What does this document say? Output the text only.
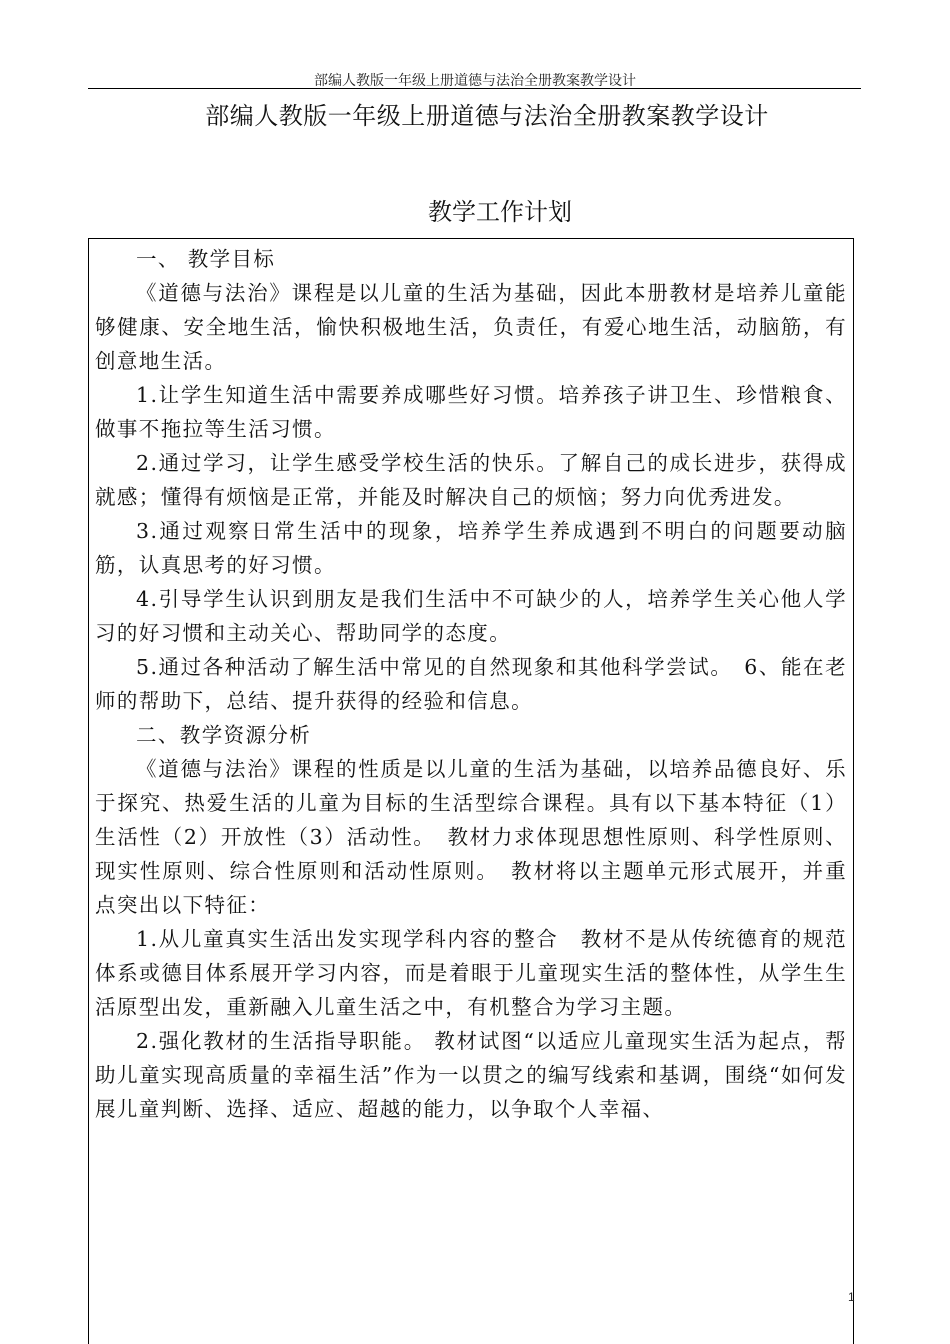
部编人教版一年级上册道德与法治全册教案教学设计
部编人教版一年级上册道德与法治全册教案教学设计
教学工作计划

一、 教学目标

《道德与法治》课程是以儿童的生活为基础，因此本册教材是培养儿童能够健康、安全地生活，愉快积极地生活，负责任，有爱心地生活，动脑筋，有创意地生活。

1.让学生知道生活中需要养成哪些好习惯。培养孩子讲卫生、珍惜粮食、做事不拖拉等生活习惯。

2.通过学习，让学生感受学校生活的快乐。了解自己的成长进步，获得成就感；懂得有烦恼是正常，并能及时解决自己的烦恼；努力向优秀进发。

3.通过观察日常生活中的现象，培养学生养成遇到不明白的问题要动脑筋，认真思考的好习惯。

4.引导学生认识到朋友是我们生活中不可缺少的人，培养学生关心他人学习的好习惯和主动关心、帮助同学的态度。

5.通过各种活动了解生活中常见的自然现象和其他科学尝试。　6、能在老师的帮助下，总结、提升获得的经验和信息。

二、教学资源分析

《道德与法治》课程的性质是以儿童的生活为基础，以培养品德良好、乐于探究、热爱生活的儿童为目标的生活型综合课程。具有以下基本特征（1）生活性（2）开放性（3）活动性。　教材力求体现思想性原则、科学性原则、现实性原则、综合性原则和活动性原则。　教材将以主题单元形式展开，并重点突出以下特征：

1.从儿童真实生活出发实现学科内容的整合　教材不是从传统德育的规范体系或德目体系展开学习内容，而是着眼于儿童现实生活的整体性，从学生生活原型出发，重新融入儿童生活之中，有机整合为学习主题。

2.强化教材的生活指导职能。 教材试图“以适应儿童现实生活为起点，帮助儿童实现高质量的幸福生活”作为一以贯之的编写线索和基调，围绕“如何发展儿童判断、选择、适应、超越的能力，以争取个人幸福、

1
